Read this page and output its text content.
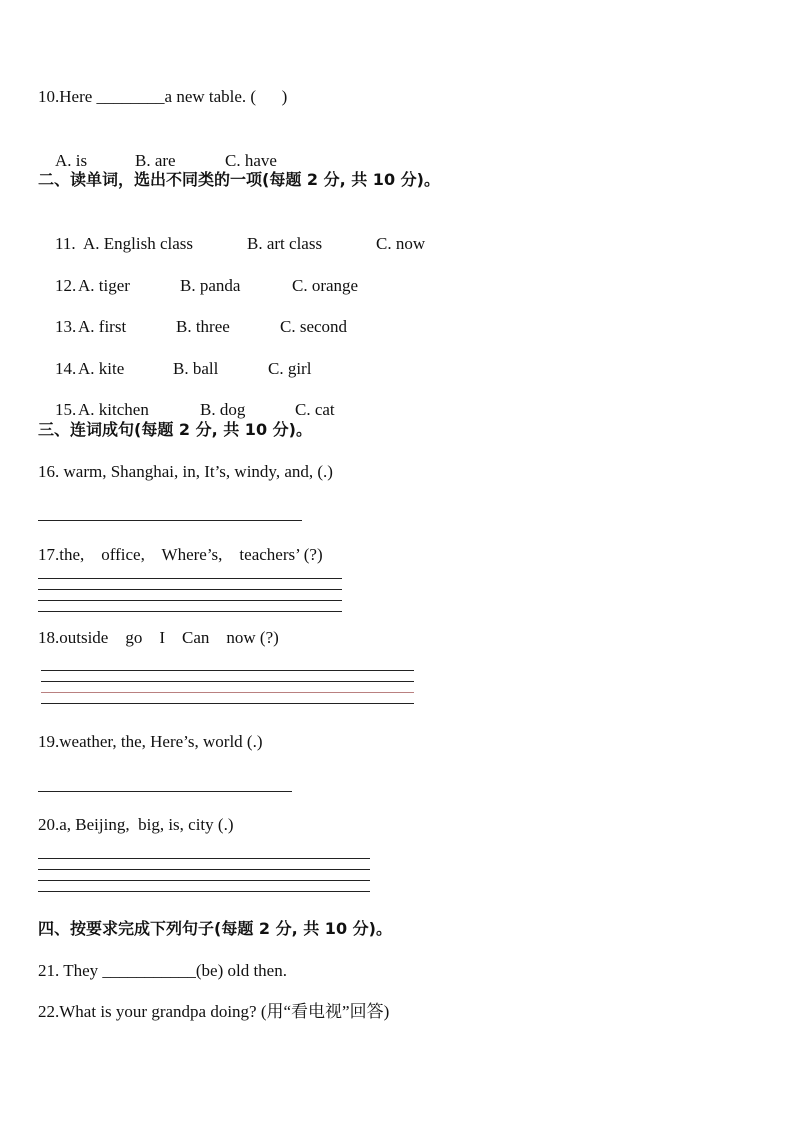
10.Here ________a new table. (      )

A. is	B. are	C. have

二、读单词，选出不同类的一项(每题 2 分, 共 10 分)。

11. A. English class	B. art class	C. now

12. A. tiger	B. panda	C. orange

13. A. first	B. three	C. second

14. A. kite	B. ball	C. girl

15. A. kitchen	B. dog	C. cat

三、连词成句(每题 2 分, 共 10 分)。
16. warm, Shanghai, in, It’s, windy, and, (.)
17.the,    office,    Where’s,    teachers’ (?)
18.outside    go    I    Can    now (?)
19.weather, the, Here’s, world (.)
20.a, Beijing,  big, is, city (.)
四、按要求完成下列句子(每题 2 分, 共 10 分)。
21. They ___________(be) old then.
22.What is your grandpa doing? (用“看电视”回答)
